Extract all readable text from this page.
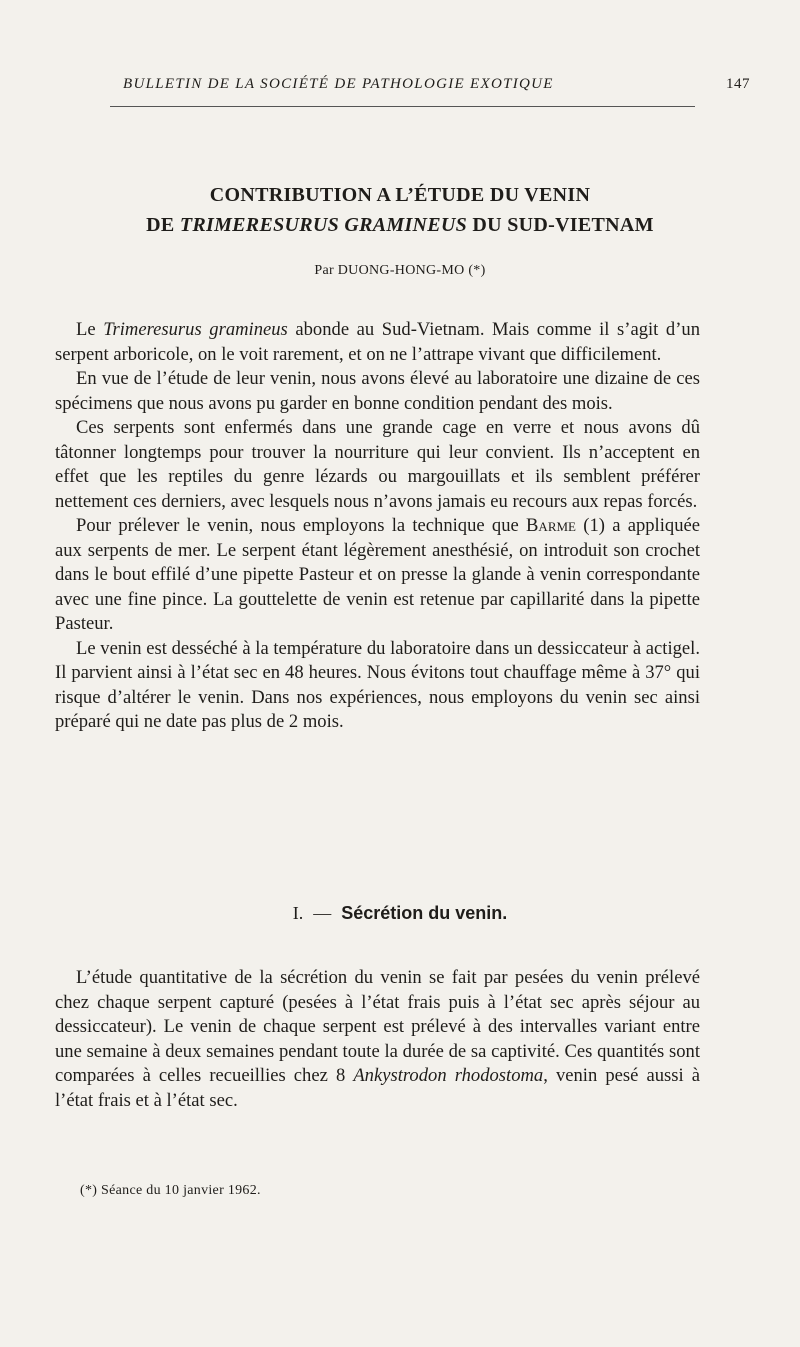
BULLETIN DE LA SOCIÉTÉ DE PATHOLOGIE EXOTIQUE	147
CONTRIBUTION A L’ÉTUDE DU VENIN
DE TRIMERESURUS GRAMINEUS DU SUD-VIETNAM
Par DUONG-HONG-MO (*)

Le Trimeresurus gramineus abonde au Sud-Vietnam. Mais comme il s’agit d’un serpent arboricole, on le voit rarement, et on ne l’attrape vivant que difficilement.

En vue de l’étude de leur venin, nous avons élevé au laboratoire une dizaine de ces spécimens que nous avons pu garder en bonne condition pendant des mois.

Ces serpents sont enfermés dans une grande cage en verre et nous avons dû tâtonner longtemps pour trouver la nourriture qui leur convient. Ils n’acceptent en effet que les reptiles du genre lézards ou margouillats et ils semblent préférer nettement ces derniers, avec lesquels nous n’avons jamais eu recours aux repas forcés.

Pour prélever le venin, nous employons la technique que Barme (1) a appliquée aux serpents de mer. Le serpent étant légèrement anesthésié, on introduit son crochet dans le bout effilé d’une pipette Pasteur et on presse la glande à venin correspondante avec une fine pince. La gouttelette de venin est retenue par capillarité dans la pipette Pasteur.

Le venin est desséché à la température du laboratoire dans un dessiccateur à actigel. Il parvient ainsi à l’état sec en 48 heures. Nous évitons tout chauffage même à 37° qui risque d’altérer le venin. Dans nos expériences, nous employons du venin sec ainsi préparé qui ne date pas plus de 2 mois.

I. — Sécrétion du venin.

L’étude quantitative de la sécrétion du venin se fait par pesées du venin prélevé chez chaque serpent capturé (pesées à l’état frais puis à l’état sec après séjour au dessiccateur). Le venin de chaque serpent est prélevé à des intervalles variant entre une semaine à deux semaines pendant toute la durée de sa captivité. Ces quantités sont comparées à celles recueillies chez 8 Ankystrodon rhodostoma, venin pesé aussi à l’état frais et à l’état sec.

(*) Séance du 10 janvier 1962.
